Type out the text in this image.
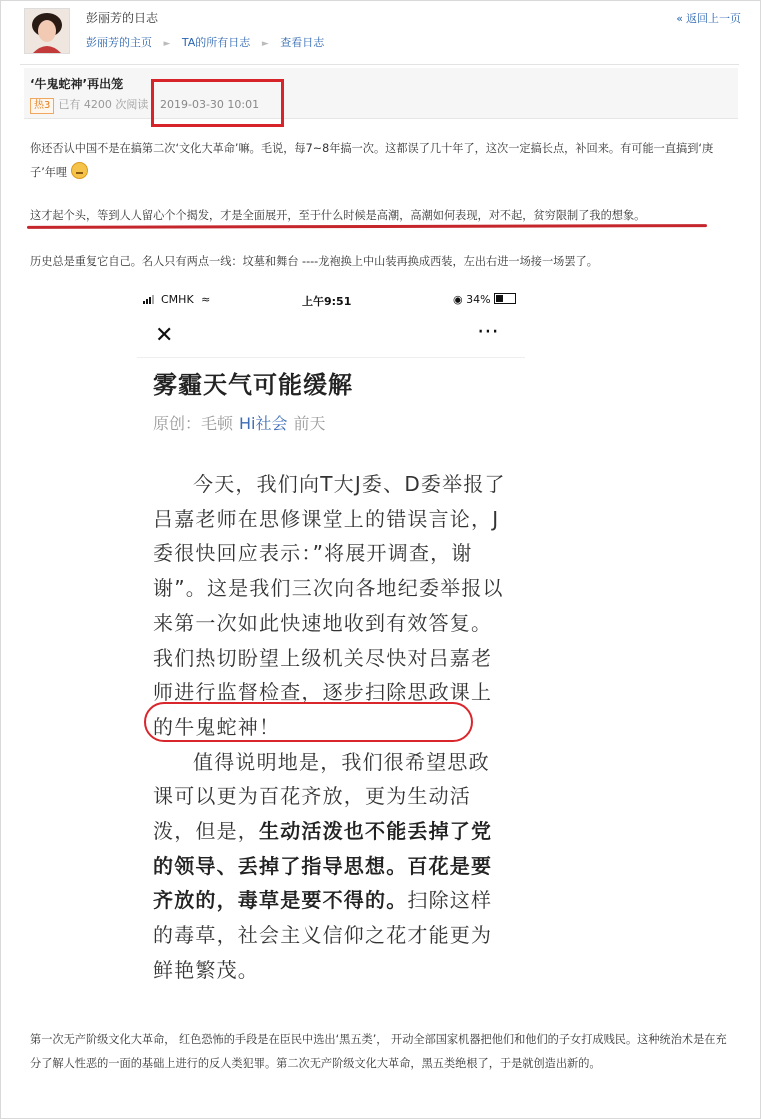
彭丽芳的日志
彭丽芳的主页 ► TA的所有日志 ► 查看日志
« 返回上一页
‘牛鬼蛇神’再出笼
热3 已有 4200 次阅读 2019-03-30 10:01
你还否认中国不是在搞第二次‘文化大革命’嘛。毛说，每7~8年搞一次。这都误了几十年了，这次一定搞长点，补回来。有可能一直搞到‘庚子’年哩
这才起个头，等到人人留心个个揭发，才是全面展开，至于什么时候是高潮，高潮如何表现，对不起，贫穷限制了我的想象。
历史总是重复它自己。名人只有两点一线：坟墓和舞台 ----龙袍换上中山装再换成西装，左出右进一场接一场罢了。
CMHK ≈	上午9:51	◉ 34%
✕	⋯
雾霾天气可能缓解
原创：毛顿 Hi社会 前天

今天，我们向T大J委、D委举报了吕嘉老师在思修课堂上的错误言论，J委很快回应表示：”将展开调查，谢谢”。这是我们三次向各地纪委举报以来第一次如此快速地收到有效答复。我们热切盼望上级机关尽快对吕嘉老师进行监督检查，逐步扫除思政课上的牛鬼蛇神！

值得说明地是，我们很希望思政课可以更为百花齐放，更为生动活泼，但是，生动活泼也不能丢掉了党的领导、丢掉了指导思想。百花是要齐放的，毒草是要不得的。扫除这样的毒草，社会主义信仰之花才能更为鲜艳繁茂。

第一次无产阶级文化大革命， 红色恐怖的手段是在臣民中选出‘黑五类’， 开动全部国家机器把他们和他们的子女打成贱民。这种统治术是在充分了解人性恶的一面的基础上进行的反人类犯罪。第二次无产阶级文化大革命，黑五类绝根了，于是就创造出新的。
